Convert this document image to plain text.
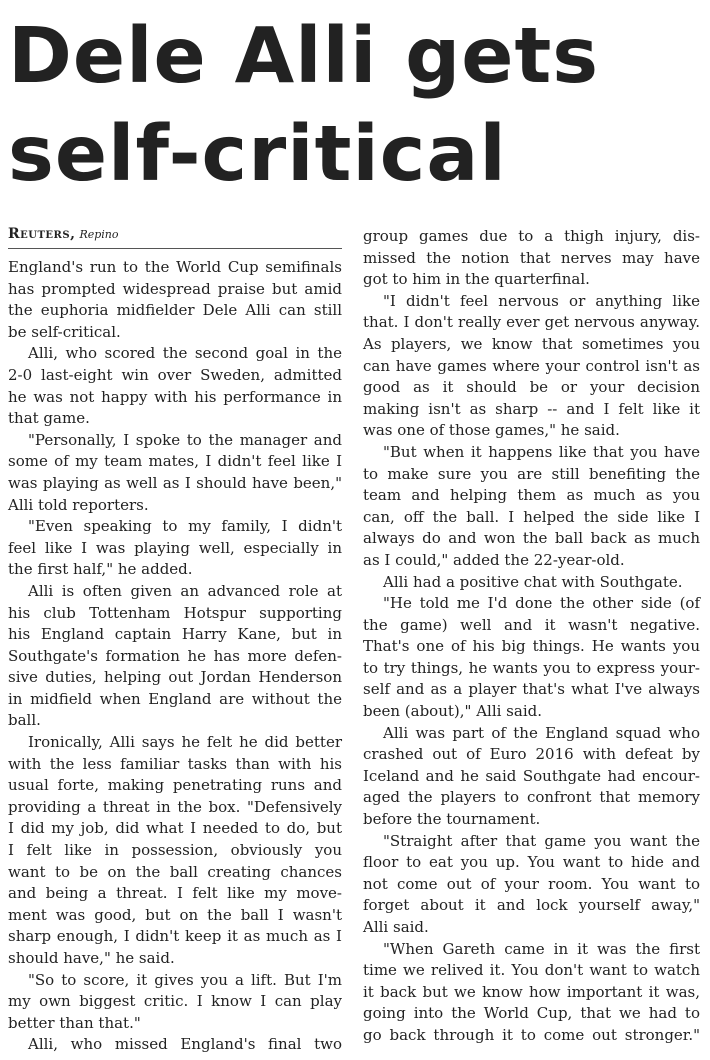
Dele Alli gets
self-critical
Reuters, Repino
England's run to the World Cup semifinals
has prompted widespread praise but amid
the euphoria midfielder Dele Alli can still
be self-critical.
Alli, who scored the second goal in the
2-0 last-eight win over Sweden, admitted
he was not happy with his performance in
that game.
"Personally, I spoke to the manager and
some of my team mates, I didn't feel like I
was playing as well as I should have been,"
Alli told reporters.
"Even speaking to my family, I didn't
feel like I was playing well, especially in
the first half," he added.
Alli is often given an advanced role at
his club Tottenham Hotspur supporting
his England captain Harry Kane, but in
Southgate's formation he has more defen-
sive duties, helping out Jordan Henderson
in midfield when England are without the
ball.
Ironically, Alli says he felt he did better
with the less familiar tasks than with his
usual forte, making penetrating runs and
providing a threat in the box. "Defensively
I did my job, did what I needed to do, but
I felt like in possession, obviously you
want to be on the ball creating chances
and being a threat. I felt like my move-
ment was good, but on the ball I wasn't
sharp enough, I didn't keep it as much as I
should have," he said.
"So to score, it gives you a lift. But I'm
my own biggest critic. I know I can play
better than that."
Alli, who missed England's final two
group games due to a thigh injury, dis-
missed the notion that nerves may have
got to him in the quarterfinal.
"I didn't feel nervous or anything like
that. I don't really ever get nervous anyway.
As players, we know that sometimes you
can have games where your control isn't as
good as it should be or your decision
making isn't as sharp -- and I felt like it
was one of those games," he said.
"But when it happens like that you have
to make sure you are still benefiting the
team and helping them as much as you
can, off the ball. I helped the side like I
always do and won the ball back as much
as I could," added the 22-year-old.
Alli had a positive chat with Southgate.
"He told me I'd done the other side (of
the game) well and it wasn't negative.
That's one of his big things. He wants you
to try things, he wants you to express your-
self and as a player that's what I've always
been (about)," Alli said.
Alli was part of the England squad who
crashed out of Euro 2016 with defeat by
Iceland and he said Southgate had encour-
aged the players to confront that memory
before the tournament.
"Straight after that game you want the
floor to eat you up. You want to hide and
not come out of your room. You want to
forget about it and lock yourself away,"
Alli said.
"When Gareth came in it was the first
time we relived it. You don't want to watch
it back but we know how important it was,
going into the World Cup, that we had to
go back through it to come out stronger."
